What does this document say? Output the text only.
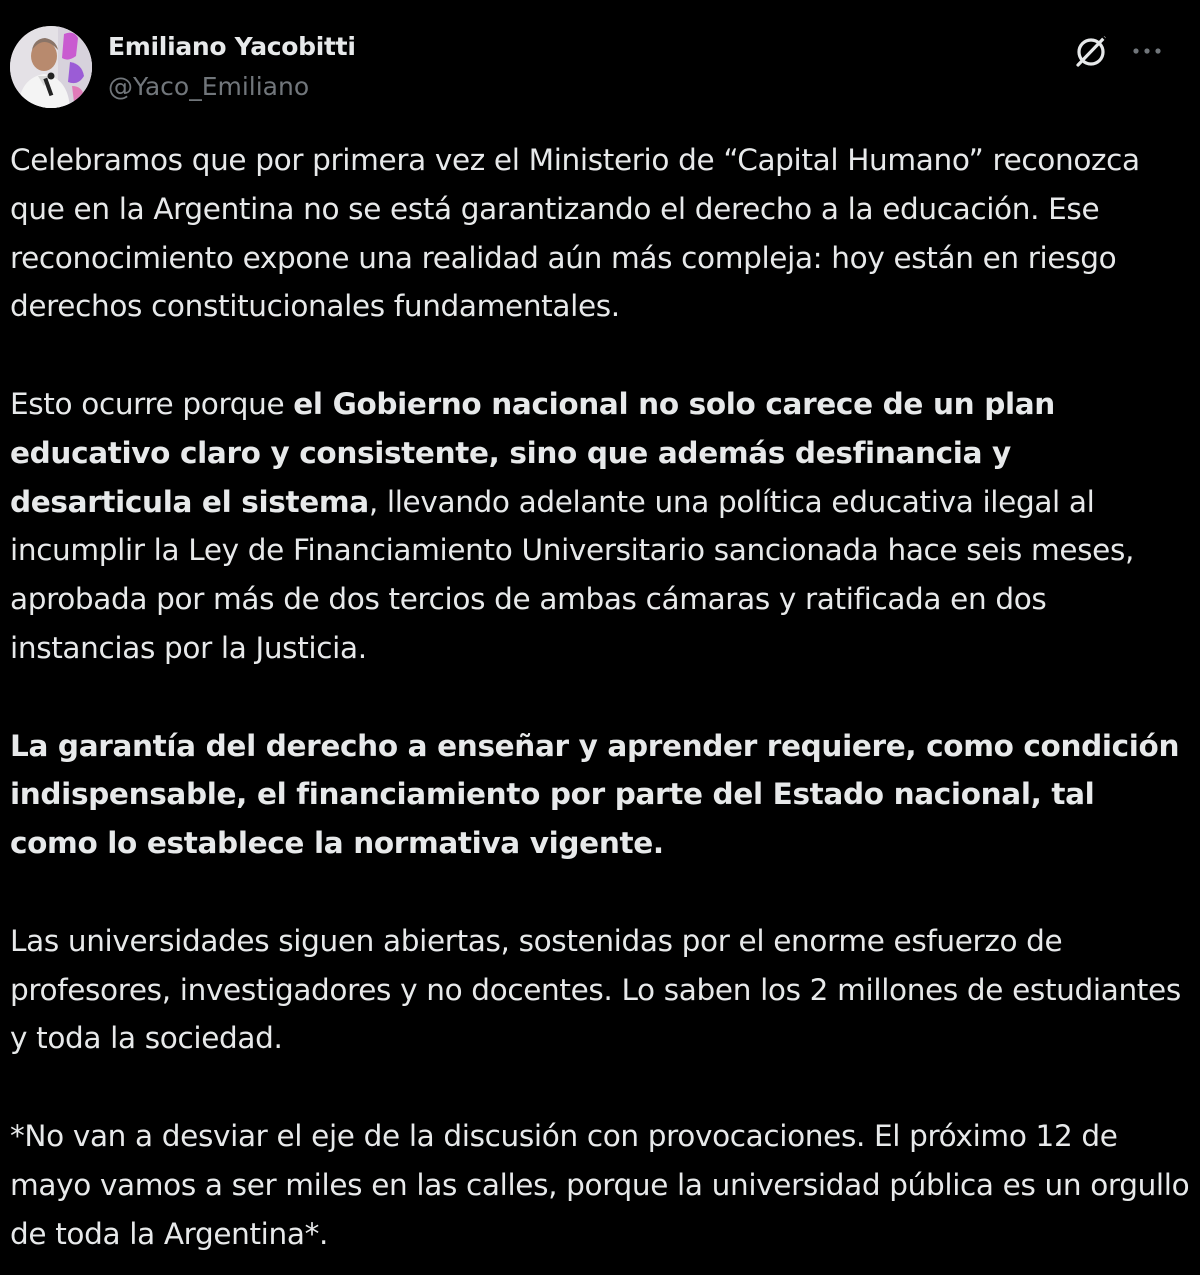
Emiliano Yacobitti
@Yaco_Emiliano

Celebramos que por primera vez el Ministerio de “Capital Humano” reconozca que en la Argentina no se está garantizando el derecho a la educación. Ese reconocimiento expone una realidad aún más compleja: hoy están en riesgo derechos constitucionales fundamentales.

Esto ocurre porque el Gobierno nacional no solo carece de un plan educativo claro y consistente, sino que además desfinancia y desarticula el sistema, llevando adelante una política educativa ilegal al incumplir la Ley de Financiamiento Universitario sancionada hace seis meses, aprobada por más de dos tercios de ambas cámaras y ratificada en dos instancias por la Justicia.

La garantía del derecho a enseñar y aprender requiere, como condición indispensable, el financiamiento por parte del Estado nacional, tal como lo establece la normativa vigente.

Las universidades siguen abiertas, sostenidas por el enorme esfuerzo de profesores, investigadores y no docentes. Lo saben los 2 millones de estudiantes y toda la sociedad.

*No van a desviar el eje de la discusión con provocaciones. El próximo 12 de mayo vamos a ser miles en las calles, porque la universidad pública es un orgullo de toda la Argentina*.
